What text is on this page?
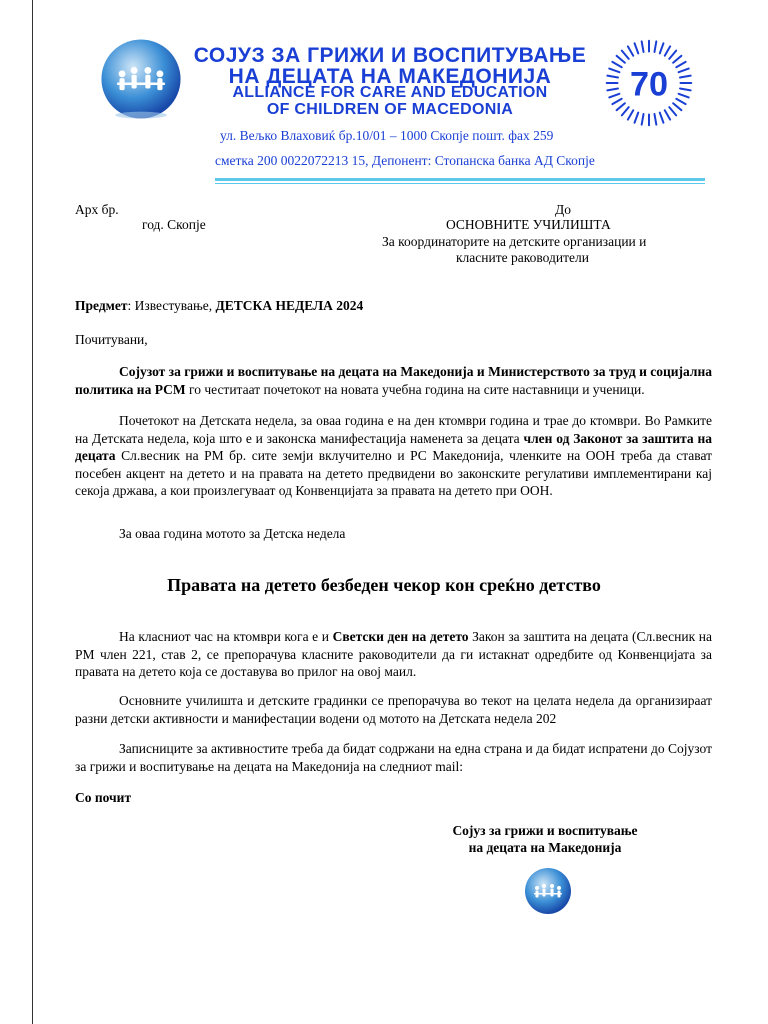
СОЈУЗ ЗА ГРИЖИ И ВОСПИТУВАЊЕ
НА ДЕЦАТА НА МАКЕДОНИЈА
ALLIANCE FOR CARE AND EDUCATION
OF CHILDREN OF MACEDONIA
70
ул. Вељко Влаховиќ бр.10/01 – 1000 Скопје пошт. фах 259
сметка 200 0022072213 15, Депонент: Стопанска банка АД Скопје
Арх бр.
год. Скопје
До
ОСНОВНИТЕ УЧИЛИШТА
За координаторите на детските организации и
класните раководители
Предмет: Известување, ДЕТСКА НЕДЕЛА 2024
Почитувани,
Сојузот за грижи и воспитување на децата на Македонија и Министерството за труд и социјална политика на РСМ го честитаат почетокот на новата учебна година на сите наставници и ученици.
Почетокот на Детската недела, за оваа година е на ден ктомври година и трае до ктомври. Во Рамките на Детската недела, која што е и законска манифестација наменета за децата член од Законот за заштита на децата Сл.весник на РМ бр. сите земји вклучително и РС Македонија, членките на ООН треба да стават посебен акцент на детето и на правата на детето предвидени во законските регулативи имплементирани кај секоја држава, а кои произлегуваат од Конвенцијата за правата на детето при ООН.
За оваа година мотото за Детска недела
Правата на детето безбеден чекор кон среќно детство
На класниот час на ктомври кога е и Светски ден на детето Закон за заштита на децата (Сл.весник на РМ член 221, став 2, се препорачува класните раководители да ги истакнат одредбите од Конвенцијата за правата на детето која се доставува во прилог на овој маил.
Основните училишта и детските градинки се препорачува во текот на целата недела да организираат разни детски активности и манифестации водени од мотото на Детската недела 202
Записниците за активностите треба да бидат содржани на една страна и да бидат испратени до Сојузот за грижи и воспитување на децата на Македонија на следниот mail:
Со почит
Сојуз за грижи и воспитување
на децата на Македонија
